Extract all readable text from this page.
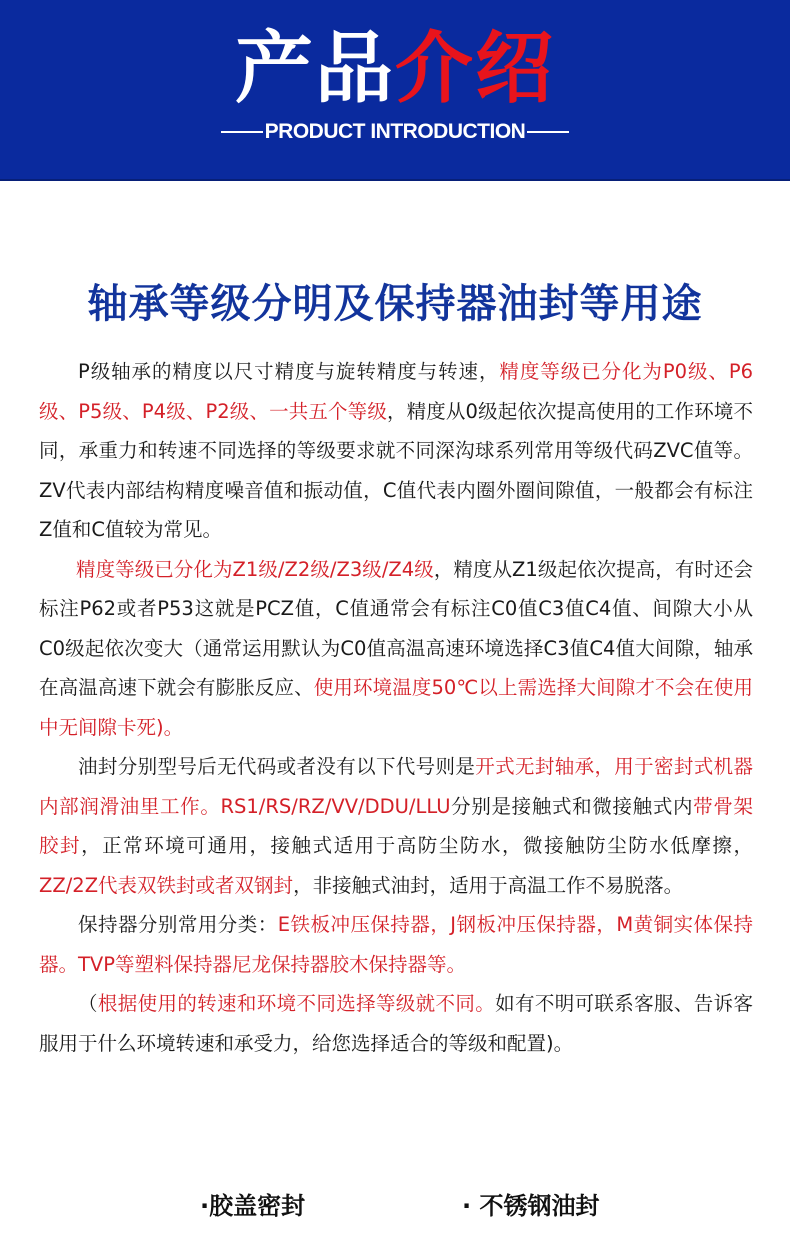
产品介绍
PRODUCT INTRODUCTION
轴承等级分明及保持器油封等用途

P级轴承的精度以尺寸精度与旋转精度与转速，精度等级已分化为P0级、P6级、P5级、P4级、P2级、一共五个等级，精度从0级起依次提高使用的工作环境不同，承重力和转速不同选择的等级要求就不同深沟球系列常用等级代码ZVC值等。ZV代表内部结构精度噪音值和振动值，C值代表内圈外圈间隙值，一般都会有标注Z值和C值较为常见。

精度等级已分化为Z1级/Z2级/Z3级/Z4级，精度从Z1级起依次提高，有时还会标注P62或者P53这就是PCZ值，C值通常会有标注C0值C3值C4值、间隙大小从C0级起依次变大（通常运用默认为C0值高温高速环境选择C3值C4值大间隙，轴承在高温高速下就会有膨胀反应、使用环境温度50℃以上需选择大间隙才不会在使用中无间隙卡死)。

油封分别型号后无代码或者没有以下代号则是开式无封轴承，用于密封式机器内部润滑油里工作。RS1/RS/RZ/VV/DDU/LLU分别是接触式和微接触式内带骨架胶封，正常环境可通用，接触式适用于高防尘防水，微接触防尘防水低摩擦，ZZ/2Z代表双铁封或者双钢封，非接触式油封，适用于高温工作不易脱落。

保持器分别常用分类：E铁板冲压保持器，J钢板冲压保持器，M黄铜实体保持器。TVP等塑料保持器尼龙保持器胶木保持器等。

（根据使用的转速和环境不同选择等级就不同。如有不明可联系客服、告诉客服用于什么环境转速和承受力，给您选择适合的等级和配置)。

·胶盖密封	· 不锈钢油封
